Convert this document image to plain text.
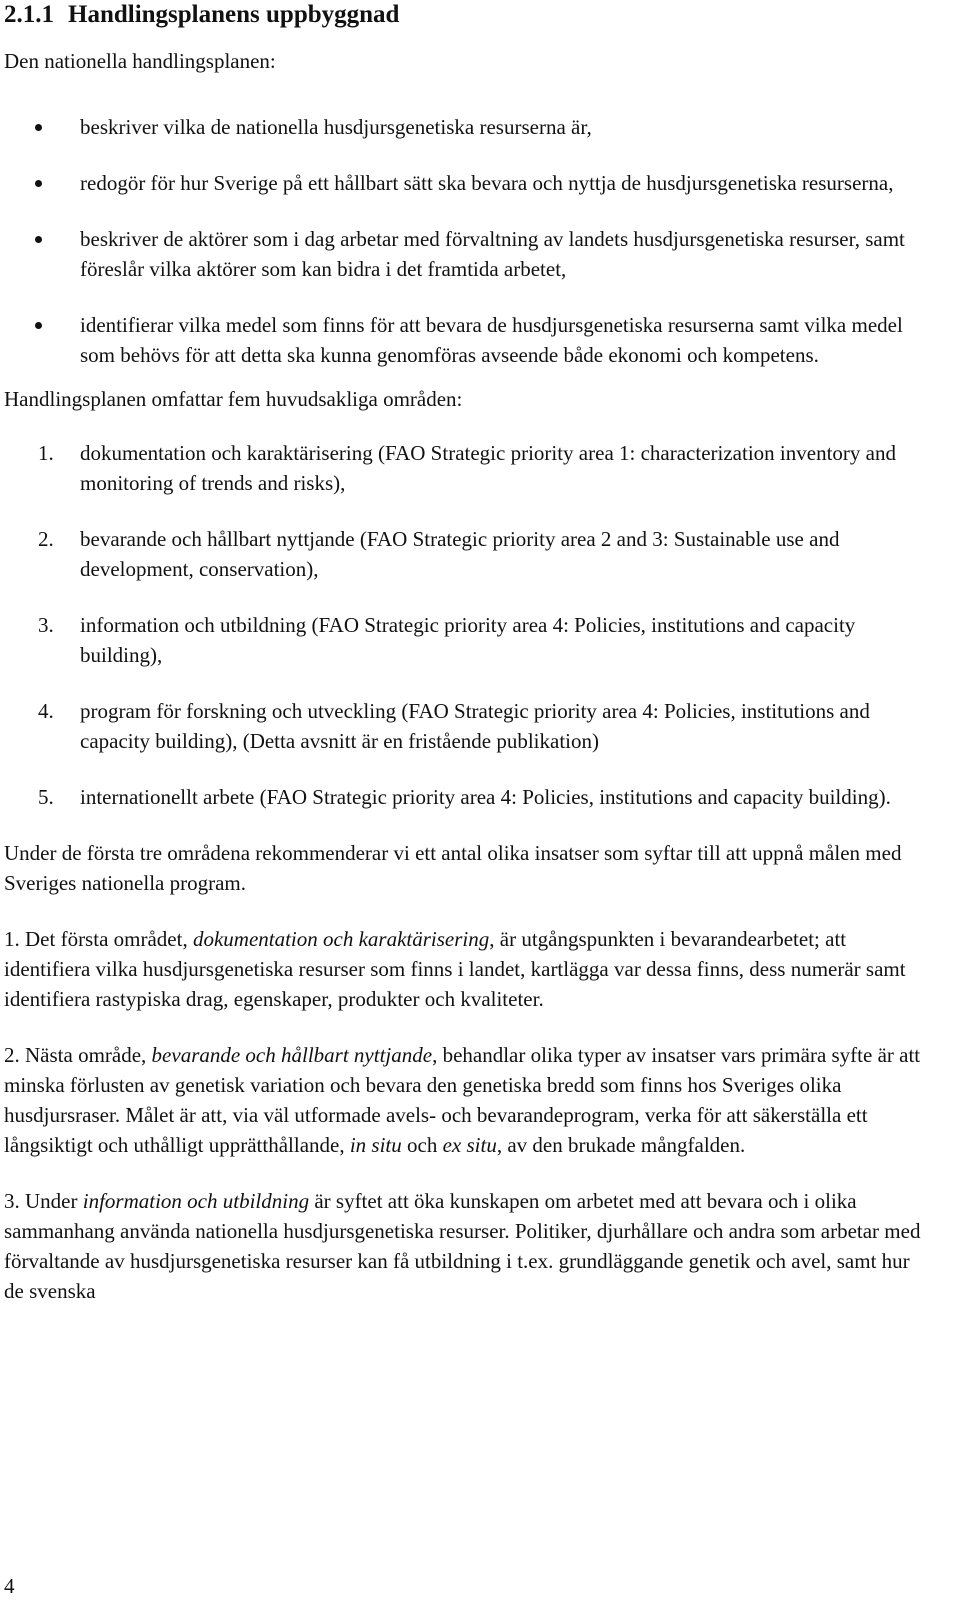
2.1.1 Handlingsplanens uppbyggnad

Den nationella handlingsplanen:

beskriver vilka de nationella husdjursgenetiska resurserna är,
redogör för hur Sverige på ett hållbart sätt ska bevara och nyttja de husdjursgenetiska resurserna,
beskriver de aktörer som i dag arbetar med förvaltning av landets husdjursgenetiska resurser, samt föreslår vilka aktörer som kan bidra i det framtida arbetet,
identifierar vilka medel som finns för att bevara de husdjursgenetiska resurserna samt vilka medel som behövs för att detta ska kunna genomföras avseende både ekonomi och kompetens.

Handlingsplanen omfattar fem huvudsakliga områden:

1. dokumentation och karaktärisering (FAO Strategic priority area 1: characterization inventory and monitoring of trends and risks),
2. bevarande och hållbart nyttjande (FAO Strategic priority area 2 and 3: Sustainable use and development, conservation),
3. information och utbildning (FAO Strategic priority area 4: Policies, institutions and capacity building),
4. program för forskning och utveckling (FAO Strategic priority area 4: Policies, institutions and capacity building), (Detta avsnitt är en fristående publikation)
5. internationellt arbete (FAO Strategic priority area 4: Policies, institutions and capacity building).

Under de första tre områdena rekommenderar vi ett antal olika insatser som syftar till att uppnå målen med Sveriges nationella program.

1. Det första området, dokumentation och karaktärisering, är utgångspunkten i bevarandearbetet; att identifiera vilka husdjursgenetiska resurser som finns i landet, kartlägga var dessa finns, dess numerär samt identifiera rastypiska drag, egenskaper, produkter och kvaliteter.

2. Nästa område, bevarande och hållbart nyttjande, behandlar olika typer av insatser vars primära syfte är att minska förlusten av genetisk variation och bevara den genetiska bredd som finns hos Sveriges olika husdjursraser. Målet är att, via väl utformade avels- och bevarandeprogram, verka för att säkerställa ett långsiktigt och uthålligt upprätthållande, in situ och ex situ, av den brukade mångfalden.

3. Under information och utbildning är syftet att öka kunskapen om arbetet med att bevara och i olika sammanhang använda nationella husdjursgenetiska resurser. Politiker, djurhållare och andra som arbetar med förvaltande av husdjursgenetiska resurser kan få utbildning i t.ex. grundläggande genetik och avel, samt hur de svenska

4
